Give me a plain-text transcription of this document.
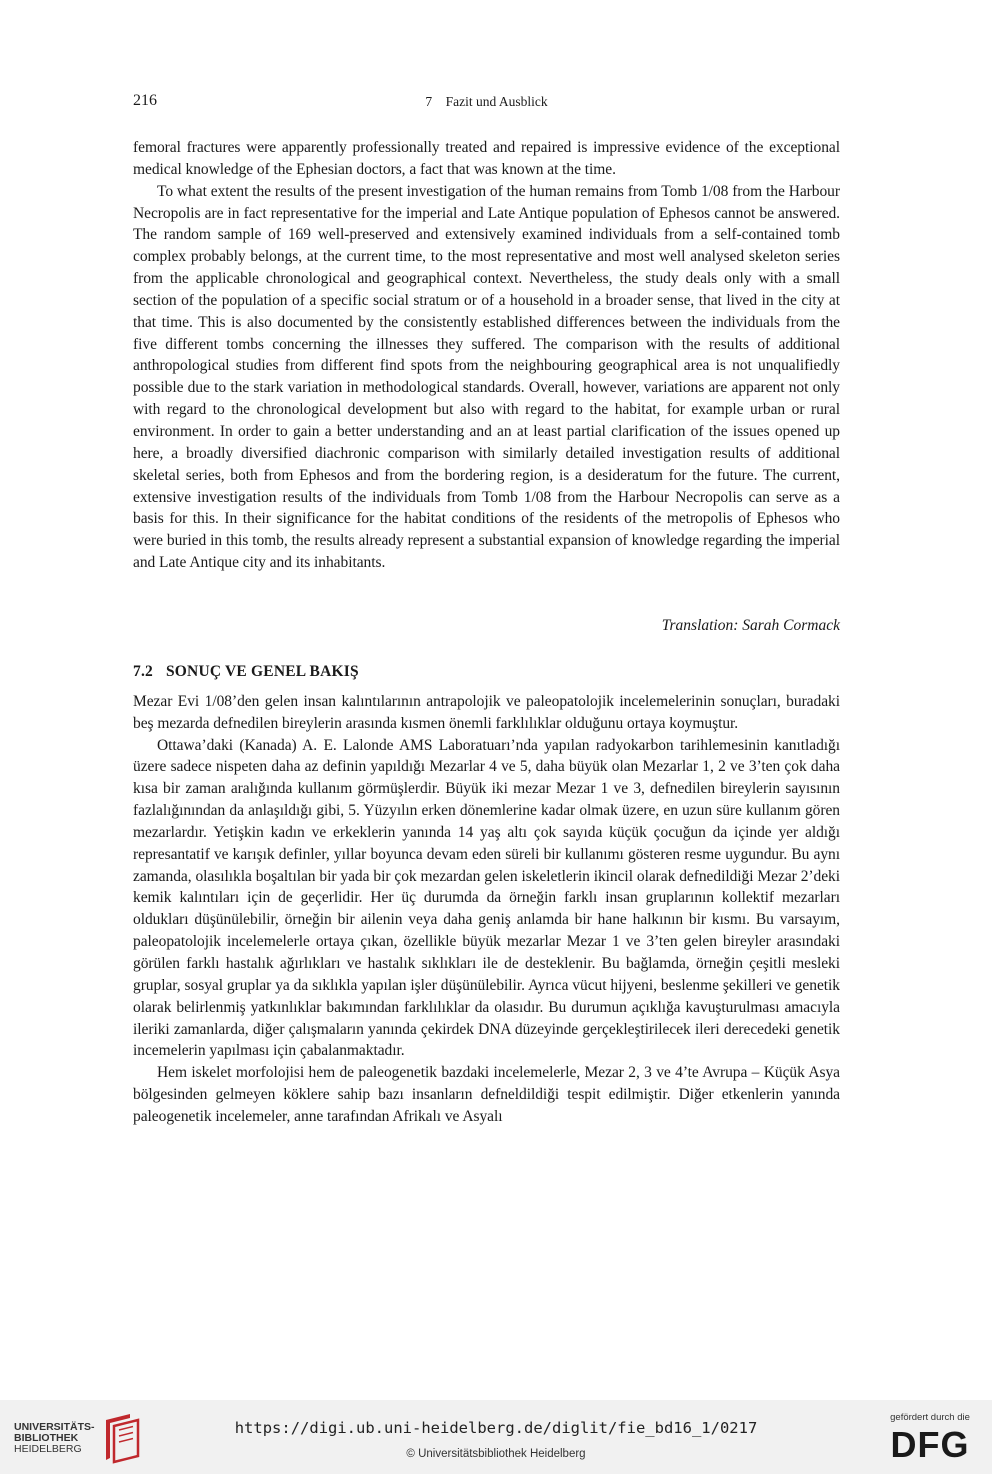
216	7    Fazit und Ausblick

femoral fractures were apparently professionally treated and repaired is impressive evidence of the exceptional medical knowledge of the Ephesian doctors, a fact that was known at the time.

To what extent the results of the present investigation of the human remains from Tomb 1/08 from the Harbour Necropolis are in fact representative for the imperial and Late Antique population of Ephesos cannot be answered. The random sample of 169 well-preserved and extensively examined individuals from a self-contained tomb complex probably belongs, at the current time, to the most representative and most well analysed skeleton series from the applicable chronological and geographical context. Nevertheless, the study deals only with a small section of the population of a specific social stratum or of a household in a broader sense, that lived in the city at that time. This is also documented by the consistently established differences between the individuals from the five different tombs concerning the illnesses they suffered. The comparison with the results of additional anthropological studies from different find spots from the neighbouring geographical area is not unqualifiedly possible due to the stark variation in methodological standards. Overall, however, variations are apparent not only with regard to the chronological development but also with regard to the habitat, for example urban or rural environment. In order to gain a better understanding and an at least partial clarification of the issues opened up here, a broadly diversified diachronic comparison with similarly detailed investigation results of additional skeletal series, both from Ephesos and from the bordering region, is a desideratum for the future. The current, extensive investigation results of the individuals from Tomb 1/08 from the Harbour Necropolis can serve as a basis for this. In their significance for the habitat conditions of the residents of the metropolis of Ephesos who were buried in this tomb, the results already represent a substantial expansion of knowledge regarding the imperial and Late Antique city and its inhabitants.

Translation: Sarah Cormack

7.2 SONUÇ VE GENEL BAKIŞ

Mezar Evi 1/08’den gelen insan kalıntılarının antrapolojik ve paleopatolojik incelemelerinin sonuçları, buradaki beş mezarda defnedilen bireylerin arasında kısmen önemli farklılıklar olduğunu ortaya koymuştur.

Ottawa’daki (Kanada) A. E. Lalonde AMS Laboratuarı’nda yapılan radyokarbon tarihlemesinin kanıtladığı üzere sadece nispeten daha az definin yapıldığı Mezarlar 4 ve 5, daha büyük olan Mezarlar 1, 2 ve 3’ten çok daha kısa bir zaman aralığında kullanım görmüşlerdir. Büyük iki mezar Mezar 1 ve 3, defnedilen bireylerin sayısının fazlalığınından da anlaşıldığı gibi, 5. Yüzyılın erken dönemlerine kadar olmak üzere, en uzun süre kullanım gören mezarlardır. Yetişkin kadın ve erkeklerin yanında 14 yaş altı çok sayıda küçük çocuğun da içinde yer aldığı represantatif ve karışık definler, yıllar boyunca devam eden süreli bir kullanımı gösteren resme uygundur. Bu aynı zamanda, olasılıkla boşaltılan bir yada bir çok mezardan gelen iskeletlerin ikincil olarak defnedildiği Mezar 2’deki kemik kalıntıları için de geçerlidir. Her üç durumda da örneğin farklı insan gruplarının kollektif mezarları oldukları düşünülebilir, örneğin bir ailenin veya daha geniş anlamda bir hane halkının bir kısmı. Bu varsayım, paleopatolojik incelemelerle ortaya çıkan, özellikle büyük mezarlar Mezar 1 ve 3’ten gelen bireyler arasındaki görülen farklı hastalık ağırlıkları ve hastalık sıklıkları ile de desteklenir. Bu bağlamda, örneğin çeşitli mesleki gruplar, sosyal gruplar ya da sıklıkla yapılan işler düşünülebilir. Ayrıca vücut hijyeni, beslenme şekilleri ve genetik olarak belirlenmiş yatkınlıklar bakımından farklılıklar da olasıdır. Bu durumun açıklığa kavuşturulması amacıyla ileriki zamanlarda, diğer çalışmaların yanında çekirdek DNA düzeyinde gerçekleştirilecek ileri derecedeki genetik incemelerin yapılması için çabalanmaktadır.

Hem iskelet morfolojisi hem de paleogenetik bazdaki incelemelerle, Mezar 2, 3 ve 4’te Avrupa – Küçük Asya bölgesinden gelmeyen köklere sahip bazı insanların defneldildiği tespit edilmiştir. Diğer etkenlerin yanında paleogenetik incelemeler, anne tarafından Afrikalı ve Asyalı

UNIVERSITÄTS-
BIBLIOTHEK
HEIDELBERG
https://digi.ub.uni-heidelberg.de/diglit/fie_bd16_1/0217
© Universitätsbibliothek Heidelberg
gefördert durch die
DFG
